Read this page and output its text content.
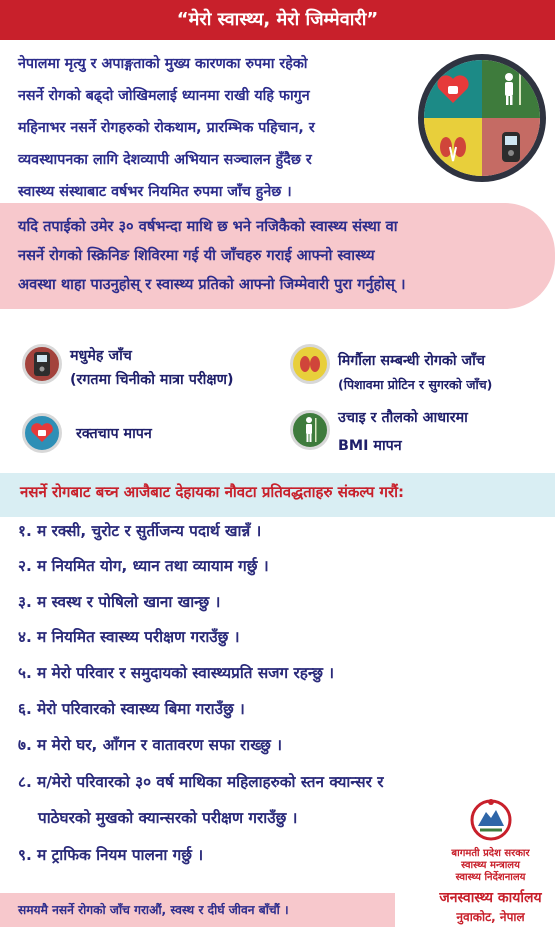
“मेरो स्वास्थ्य, मेरो जिम्मेवारी”
नेपालमा मृत्यु र अपाङ्गताको मुख्य कारणका रुपमा रहेको
नसर्ने रोगको बढ्दो जोखिमलाई ध्यानमा राखी यहि फागुन
महिनाभर नसर्ने रोगहरुको रोकथाम, प्रारम्भिक पहिचान, र
व्यवस्थापनका लागि देशव्यापी अभियान सञ्चालन हुँदैछ र
स्वास्थ्य संस्थाबाट वर्षभर नियमित रुपमा जाँच हुनेछ ।
यदि तपाईको उमेर ३० वर्षभन्दा माथि छ भने नजिकैको स्वास्थ्य संस्था वा
नसर्ने रोगको स्क्रिनिङ शिविरमा गई यी जाँचहरु गराई आफ्नो स्वास्थ्य
अवस्था थाहा पाउनुहोस् र स्वास्थ्य प्रतिको आफ्नो जिम्मेवारी पुरा गर्नुहोस् ।
मधुमेह जाँच
(रगतमा चिनीको मात्रा परीक्षण)
मिर्गौला सम्बन्धी रोगको जाँच
(पिशावमा प्रोटिन र सुगरको जाँच)
रक्तचाप मापन
उचाइ र तौलको आधारमा
BMI मापन
नसर्ने रोगबाट बच्न आजैबाट देहायका नौवटा प्रतिवद्धताहरु संकल्प गरौं:
१. म रक्सी, चुरोट र सुर्तीजन्य पदार्थ खान्नँ ।
२. म नियमित योग, ध्यान तथा व्यायाम गर्छु ।
३. म स्वस्थ र पोषिलो खाना खान्छु ।
४. म नियमित स्वास्थ्य परीक्षण गराउँछु ।
५. म मेरो परिवार र समुदायको स्वास्थ्यप्रति सजग रहन्छु ।
६. मेरो परिवारको स्वास्थ्य बिमा गराउँछु ।
७. म मेरो घर, आँगन र वातावरण सफा राख्छु ।
८. म/मेरो परिवारको ३० वर्ष माथिका महिलाहरुको स्तन क्यान्सर र
पाठेघरको मुखको क्यान्सरको परीक्षण गराउँछु ।
९. म ट्राफिक नियम पालना गर्छु ।	बागमती प्रदेश सरकार
स्वास्थ्य मन्त्रालय
स्वास्थ्य निर्देशनालय
जनस्वास्थ्य कार्यालय
नुवाकोट, नेपाल
समयमै नसर्ने रोगको जाँच गराऔं, स्वस्थ र दीर्घ जीवन बाँचौं ।
